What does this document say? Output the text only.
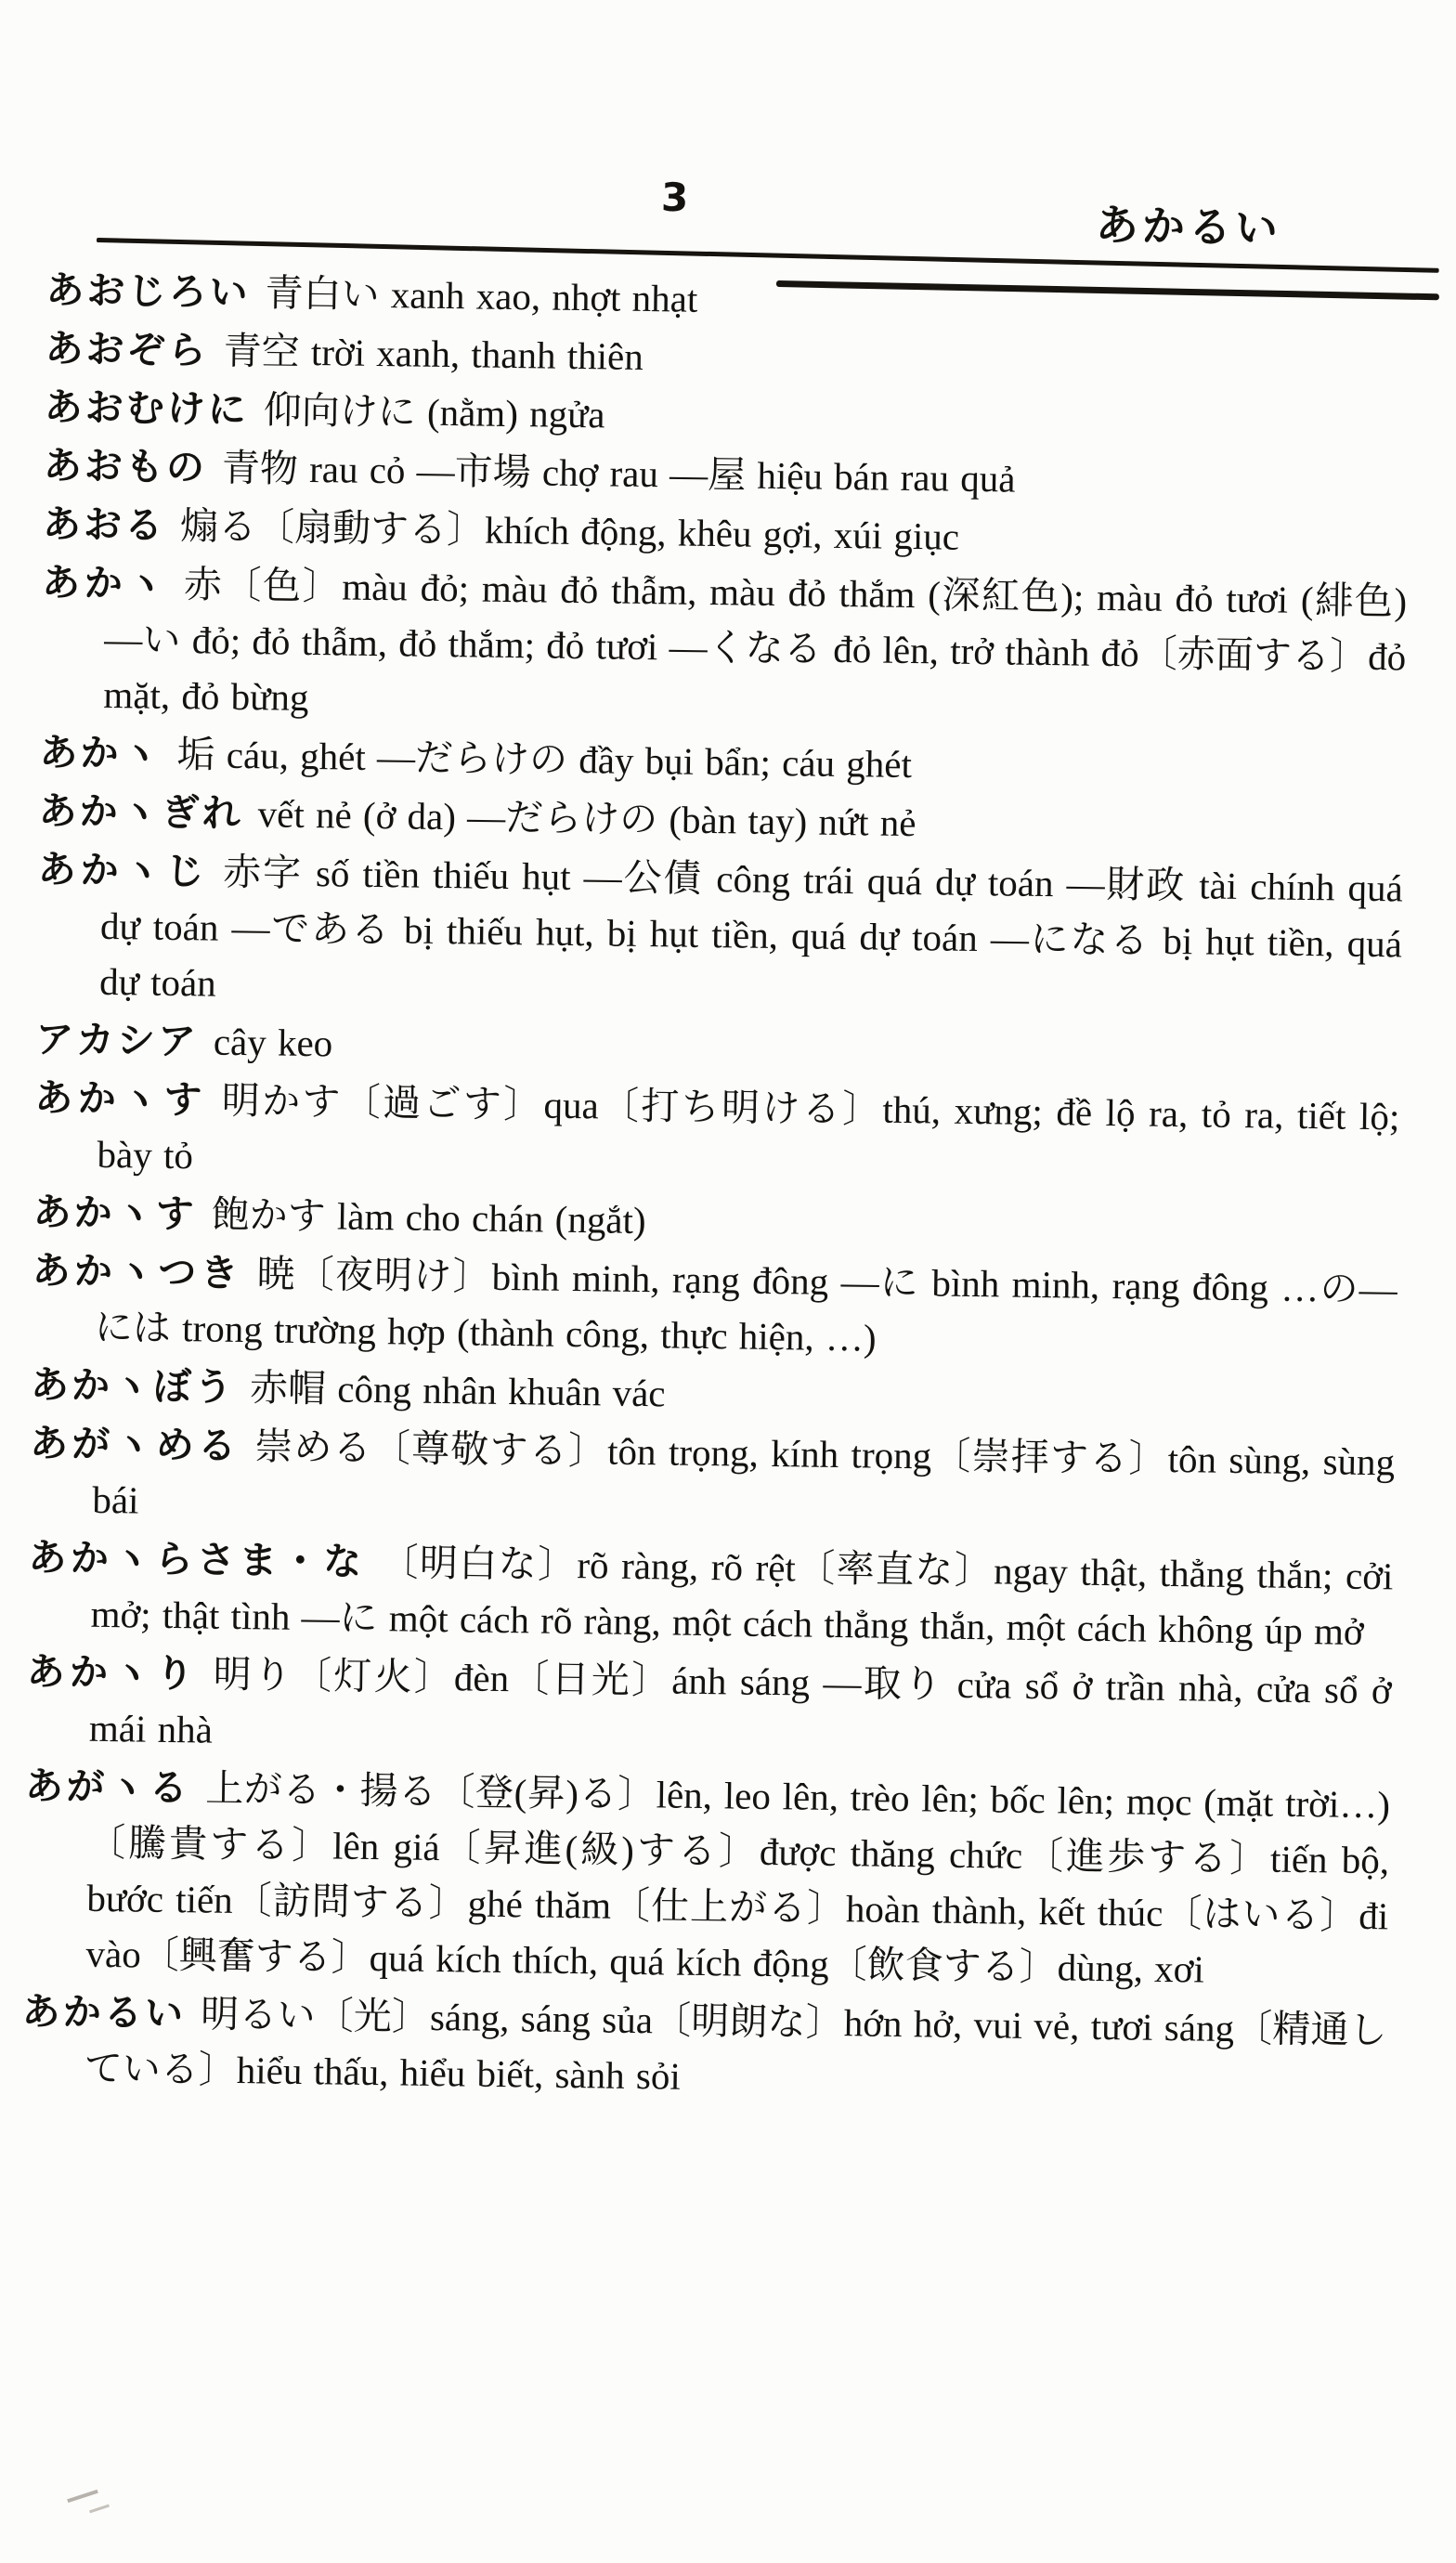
3
あかるい

あおじろい 青白い xanh xao, nhợt nhạt

あおぞら 青空 trời xanh, thanh thiên

あおむけに 仰向けに (nằm) ngửa

あおもの 青物 rau cỏ —市場 chợ rau —屋 hiệu bán rau quả

あおる 煽る〔扇動する〕khích động, khêu gợi, xúi giục

あかヽ 赤〔色〕màu đỏ; màu đỏ thẫm, màu đỏ thắm (深紅色); màu đỏ tươi (緋色) —い đỏ; đỏ thẫm, đỏ thắm; đỏ tươi —くなる đỏ lên, trở thành đỏ〔赤面する〕đỏ mặt, đỏ bừng

あかヽ 垢 cáu, ghét —だらけの đầy bụi bẩn; cáu ghét

あかヽぎれ vết nẻ (ở da) —だらけの (bàn tay) nứt nẻ

あかヽじ 赤字 số tiền thiếu hụt —公債 công trái quá dự toán —財政 tài chính quá dự toán —である bị thiếu hụt, bị hụt tiền, quá dự toán —になる bị hụt tiền, quá dự toán

アカシア cây keo

あかヽす 明かす〔過ごす〕qua〔打ち明ける〕thú, xưng; đề lộ ra, tỏ ra, tiết lộ; bày tỏ

あかヽす 飽かす làm cho chán (ngắt)

あかヽつき 暁〔夜明け〕bình minh, rạng đông —に bình minh, rạng đông …の—には trong trường hợp (thành công, thực hiện, …)

あかヽぼう 赤帽 công nhân khuân vác

あがヽめる 崇める〔尊敬する〕tôn trọng, kính trọng〔崇拝する〕tôn sùng, sùng bái

あかヽらさま・な 〔明白な〕rõ ràng, rõ rệt〔率直な〕ngay thật, thẳng thắn; cởi mở; thật tình —に một cách rõ ràng, một cách thẳng thắn, một cách không úp mở

あかヽり 明り〔灯火〕đèn〔日光〕ánh sáng —取り cửa sổ ở trần nhà, cửa sổ ở mái nhà

あがヽる 上がる・揚る〔登(昇)る〕lên, leo lên, trèo lên; bốc lên; mọc (mặt trời…)〔騰貴する〕lên giá〔昇進(級)する〕được thăng chức〔進歩する〕tiến bộ, bước tiến〔訪問する〕ghé thăm〔仕上がる〕hoàn thành, kết thúc〔はいる〕đi vào〔興奮する〕quá kích thích, quá kích động〔飲食する〕dùng, xơi

あかるい 明るい〔光〕sáng, sáng sủa〔明朗な〕hớn hở, vui vẻ, tươi sáng〔精通している〕hiểu thấu, hiểu biết, sành sỏi
